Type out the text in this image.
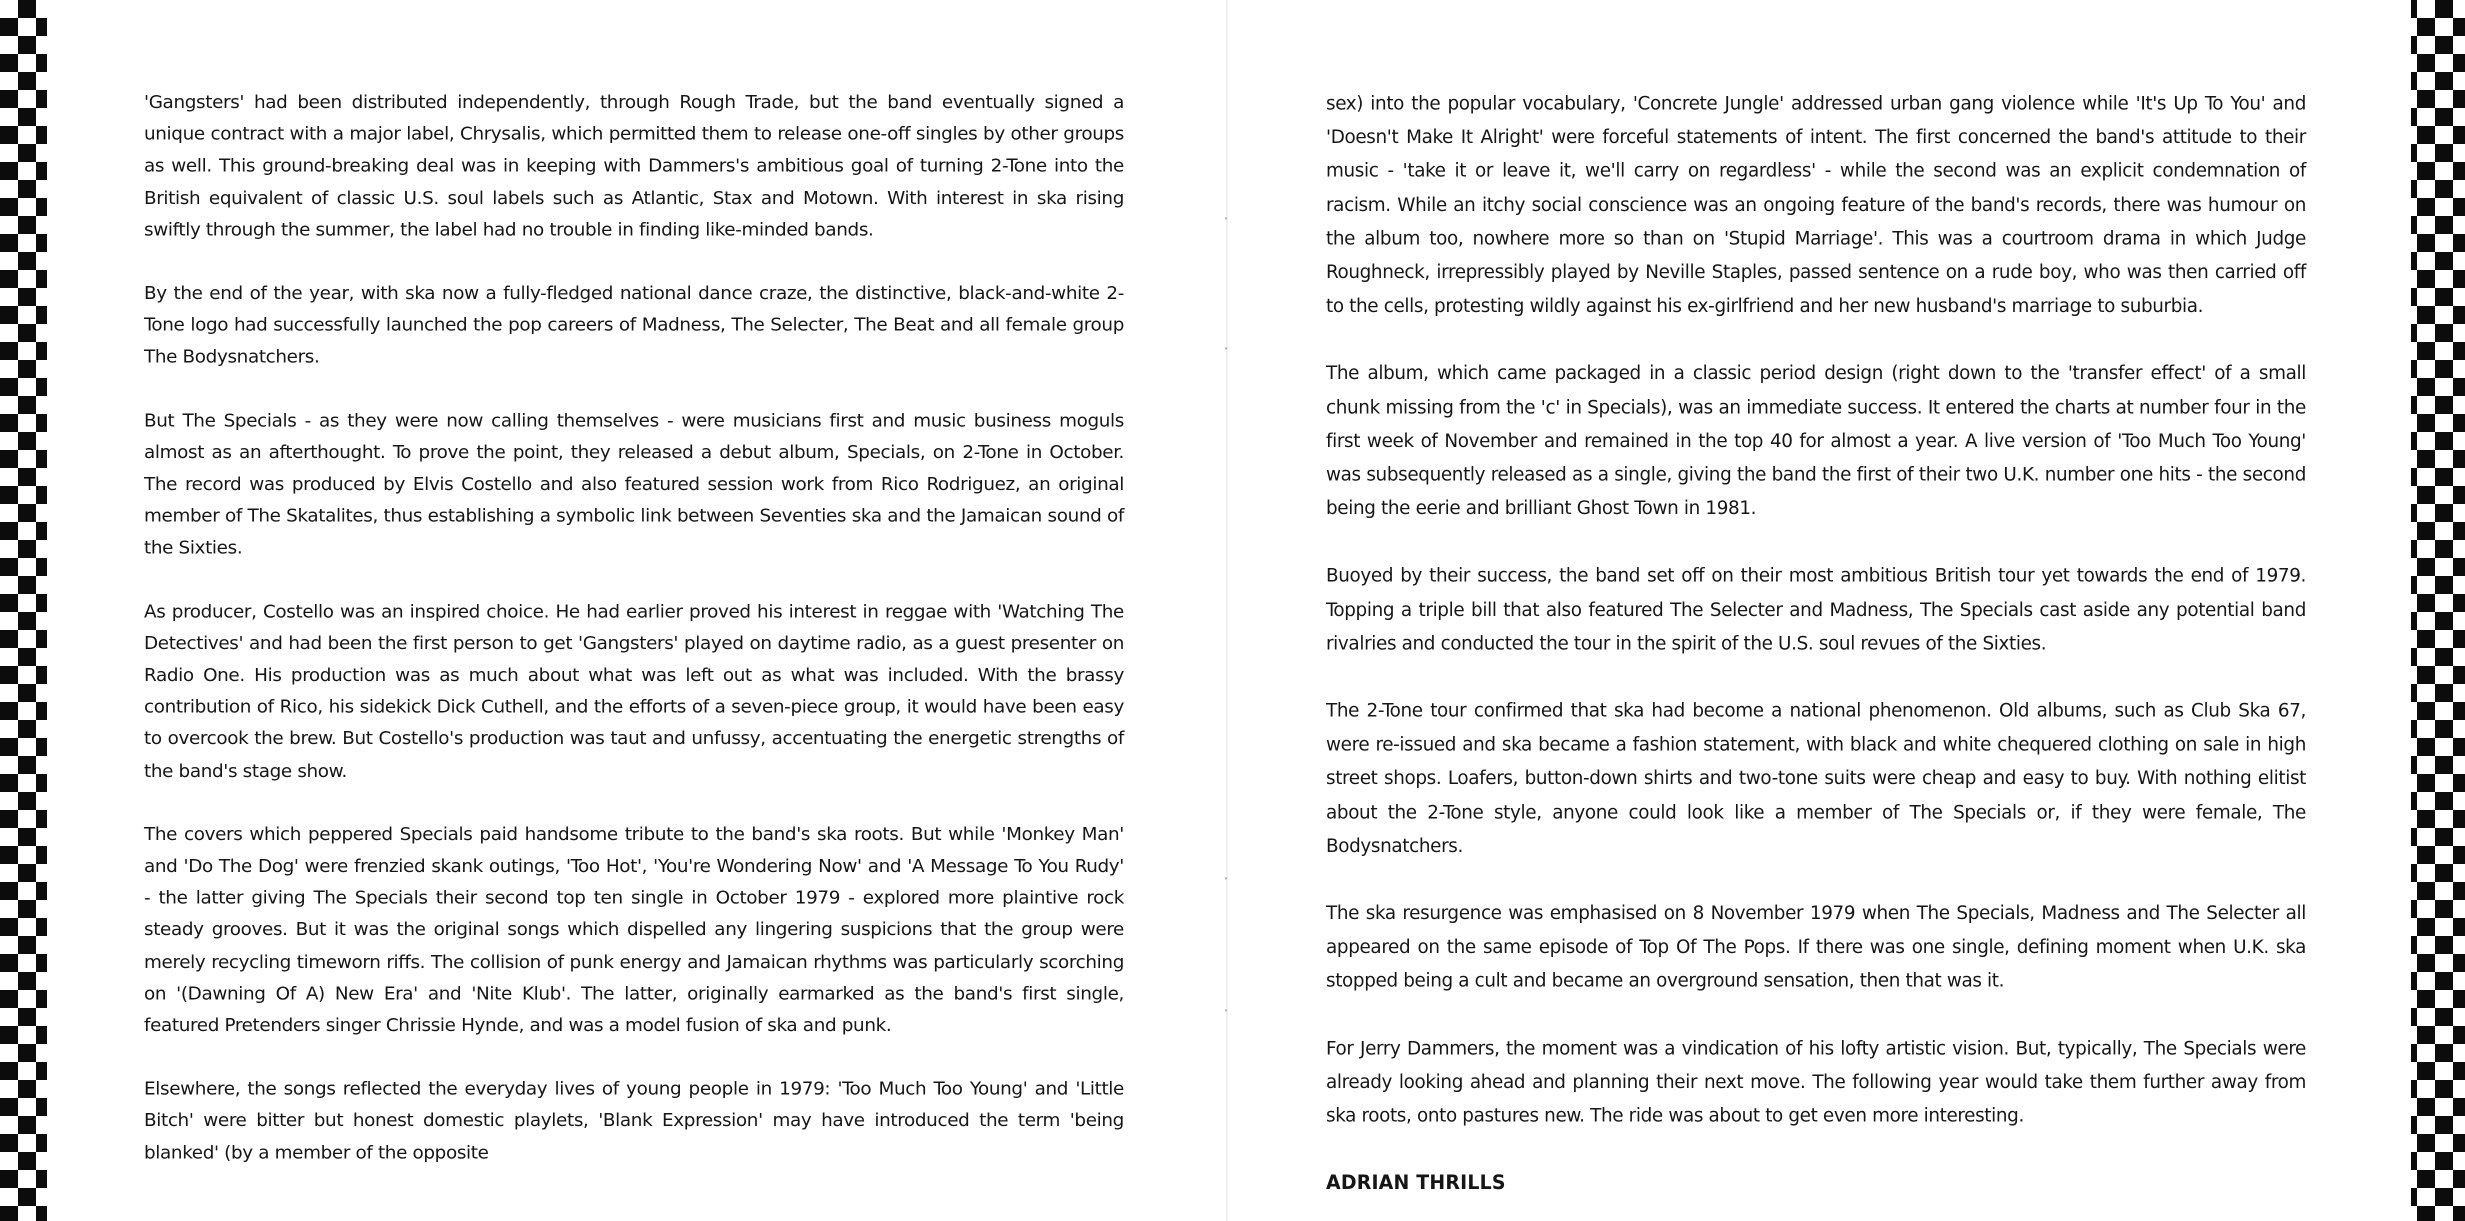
˅
˅
˅
˅

'Gangsters' had been distributed independently, through Rough Trade, but the band eventually signed a unique contract with a major label, Chrysalis, which permitted them to release one-off singles by other groups as well. This ground-breaking deal was in keeping with Dammers's ambitious goal of turning 2-Tone into the British equivalent of classic U.S. soul labels such as Atlantic, Stax and Motown. With interest in ska rising swiftly through the summer, the label had no trouble in finding like-minded bands.

By the end of the year, with ska now a fully-fledged national dance craze, the distinctive, black-and-white 2-Tone logo had successfully launched the pop careers of Madness, The Selecter, The Beat and all female group The Bodysnatchers.

But The Specials - as they were now calling themselves - were musicians first and music business moguls almost as an afterthought. To prove the point, they released a debut album, Specials, on 2-Tone in October. The record was produced by Elvis Costello and also featured session work from Rico Rodriguez, an original member of The Skatalites, thus establishing a symbolic link between Seventies ska and the Jamaican sound of the Sixties.

As producer, Costello was an inspired choice. He had earlier proved his interest in reggae with 'Watching The Detectives' and had been the first person to get 'Gangsters' played on daytime radio, as a guest presenter on Radio One. His production was as much about what was left out as what was included. With the brassy contribution of Rico, his sidekick Dick Cuthell, and the efforts of a seven-piece group, it would have been easy to overcook the brew. But Costello's production was taut and unfussy, accentuating the energetic strengths of the band's stage show.

The covers which peppered Specials paid handsome tribute to the band's ska roots. But while 'Monkey Man' and 'Do The Dog' were frenzied skank outings, 'Too Hot', 'You're Wondering Now' and 'A Message To You Rudy' - the latter giving The Specials their second top ten single in October 1979 - explored more plaintive rock steady grooves. But it was the original songs which dispelled any lingering suspicions that the group were merely recycling timeworn riffs. The collision of punk energy and Jamaican rhythms was particularly scorching on '(Dawning Of A) New Era' and 'Nite Klub'. The latter, originally earmarked as the band's first single, featured Pretenders singer Chrissie Hynde, and was a model fusion of ska and punk.

Elsewhere, the songs reflected the everyday lives of young people in 1979: 'Too Much Too Young' and 'Little Bitch' were bitter but honest domestic playlets, 'Blank Expression' may have introduced the term 'being blanked' (by a member of the opposite

sex) into the popular vocabulary, 'Concrete Jungle' addressed urban gang violence while 'It's Up To You' and 'Doesn't Make It Alright' were forceful statements of intent. The first concerned the band's attitude to their music - 'take it or leave it, we'll carry on regardless' - while the second was an explicit condemnation of racism. While an itchy social conscience was an ongoing feature of the band's records, there was humour on the album too, nowhere more so than on 'Stupid Marriage'. This was a courtroom drama in which Judge Roughneck, irrepressibly played by Neville Staples, passed sentence on a rude boy, who was then carried off to the cells, protesting wildly against his ex-girlfriend and her new husband's marriage to suburbia.

The album, which came packaged in a classic period design (right down to the 'transfer effect' of a small chunk missing from the 'c' in Specials), was an immediate success. It entered the charts at number four in the first week of November and remained in the top 40 for almost a year. A live version of 'Too Much Too Young' was subsequently released as a single, giving the band the first of their two U.K. number one hits - the second being the eerie and brilliant Ghost Town in 1981.

Buoyed by their success, the band set off on their most ambitious British tour yet towards the end of 1979. Topping a triple bill that also featured The Selecter and Madness, The Specials cast aside any potential band rivalries and conducted the tour in the spirit of the U.S. soul revues of the Sixties.

The 2-Tone tour confirmed that ska had become a national phenomenon. Old albums, such as Club Ska 67, were re-issued and ska became a fashion statement, with black and white chequered clothing on sale in high street shops. Loafers, button-down shirts and two-tone suits were cheap and easy to buy. With nothing elitist about the 2-Tone style, anyone could look like a member of The Specials or, if they were female, The Bodysnatchers.

The ska resurgence was emphasised on 8 November 1979 when The Specials, Madness and The Selecter all appeared on the same episode of Top Of The Pops. If there was one single, defining moment when U.K. ska stopped being a cult and became an overground sensation, then that was it.

For Jerry Dammers, the moment was a vindication of his lofty artistic vision. But, typically, The Specials were already looking ahead and planning their next move. The following year would take them further away from ska roots, onto pastures new. The ride was about to get even more interesting.

ADRIAN THRILLS
